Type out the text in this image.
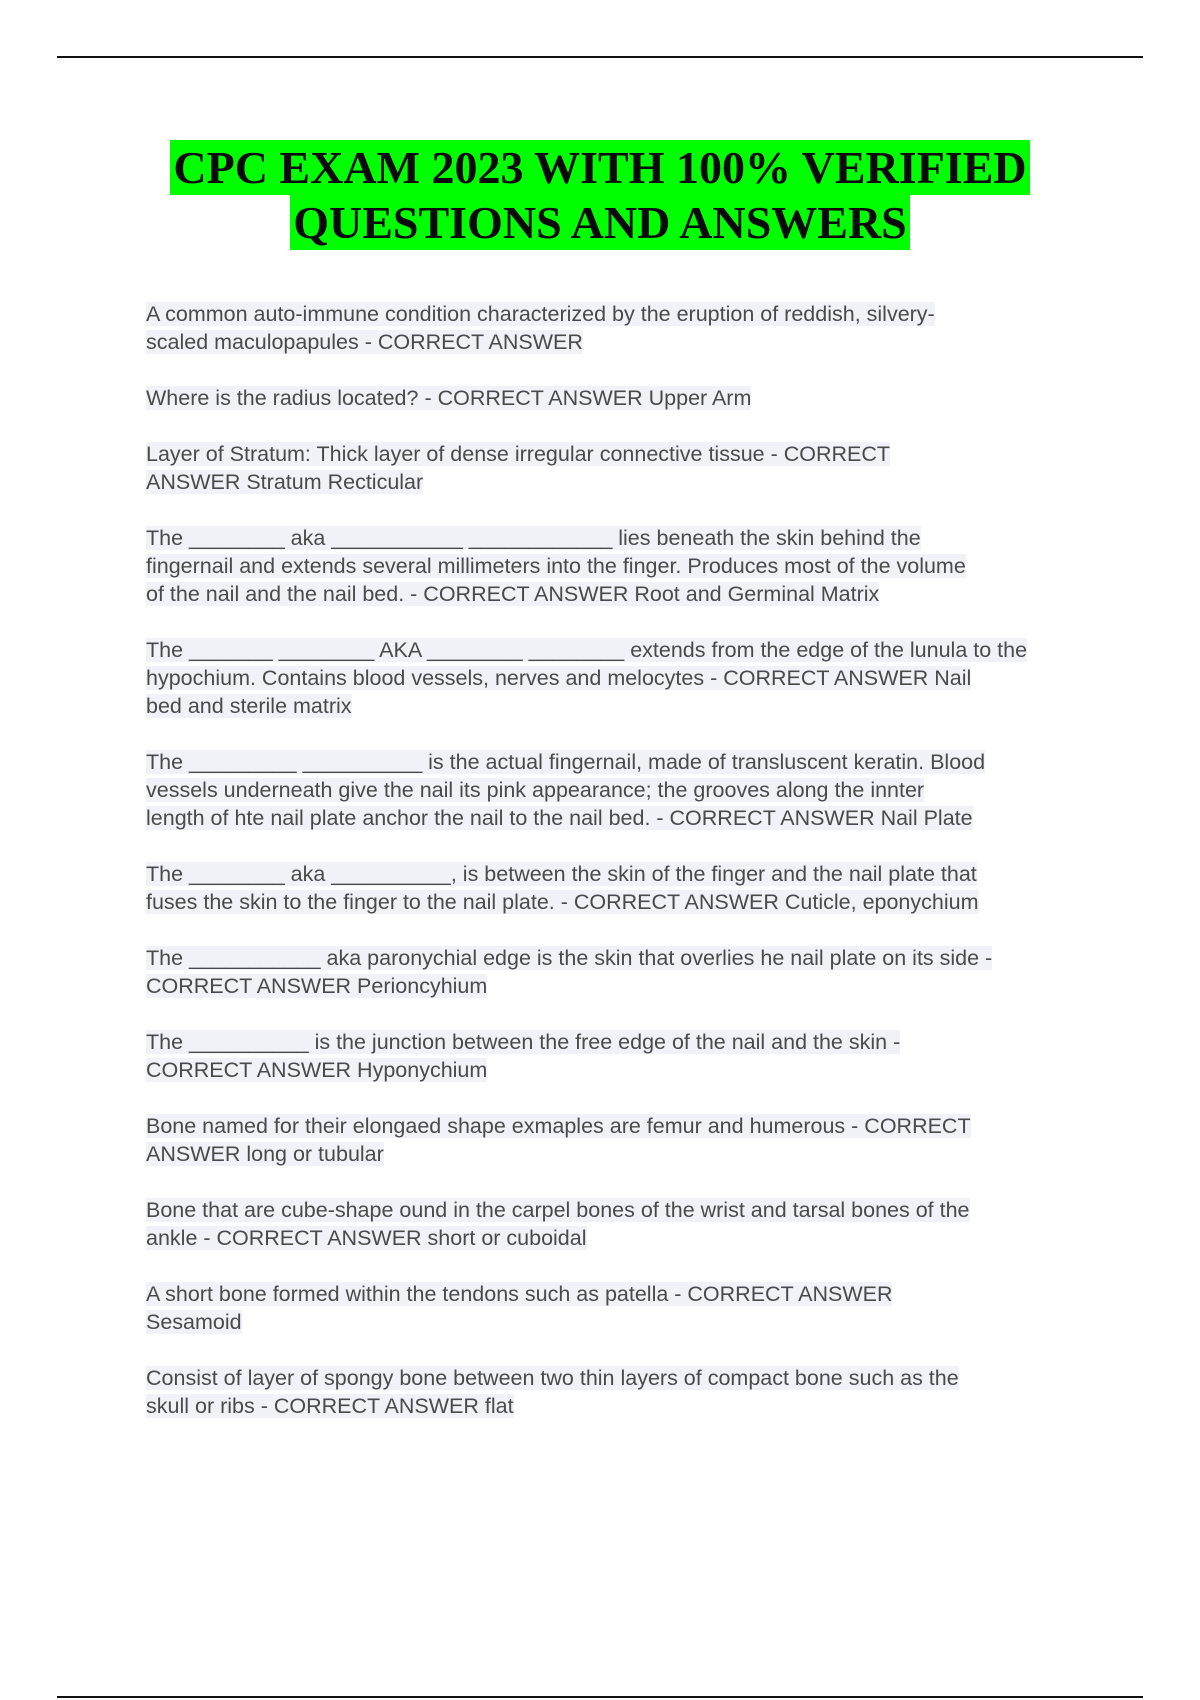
CPC EXAM 2023 WITH 100% VERIFIED
QUESTIONS AND ANSWERS

A common auto-immune condition characterized by the eruption of reddish, silvery-
scaled maculopapules - CORRECT ANSWER

Where is the radius located? - CORRECT ANSWER Upper Arm

Layer of Stratum: Thick layer of dense irregular connective tissue - CORRECT
ANSWER Stratum Recticular

The ________ aka ___________ ____________ lies beneath the skin behind the
fingernail and extends several millimeters into the finger. Produces most of the volume
of the nail and the nail bed. - CORRECT ANSWER Root and Germinal Matrix

The _______ ________ AKA ________ ________ extends from the edge of the lunula to the
hypochium. Contains blood vessels, nerves and melocytes - CORRECT ANSWER Nail
bed and sterile matrix

The _________ __________ is the actual fingernail, made of transluscent keratin. Blood
vessels underneath give the nail its pink appearance; the grooves along the innter
length of hte nail plate anchor the nail to the nail bed. - CORRECT ANSWER Nail Plate

The ________ aka __________, is between the skin of the finger and the nail plate that
fuses the skin to the finger to the nail plate. - CORRECT ANSWER Cuticle, eponychium

The ___________ aka paronychial edge is the skin that overlies he nail plate on its side -
CORRECT ANSWER Perioncyhium

The __________ is the junction between the free edge of the nail and the skin -
CORRECT ANSWER Hyponychium

Bone named for their elongaed shape exmaples are femur and humerous - CORRECT
ANSWER long or tubular

Bone that are cube-shape ound in the carpel bones of the wrist and tarsal bones of the
ankle - CORRECT ANSWER short or cuboidal

A short bone formed within the tendons such as patella - CORRECT ANSWER
Sesamoid

Consist of layer of spongy bone between two thin layers of compact bone such as the
skull or ribs - CORRECT ANSWER flat
